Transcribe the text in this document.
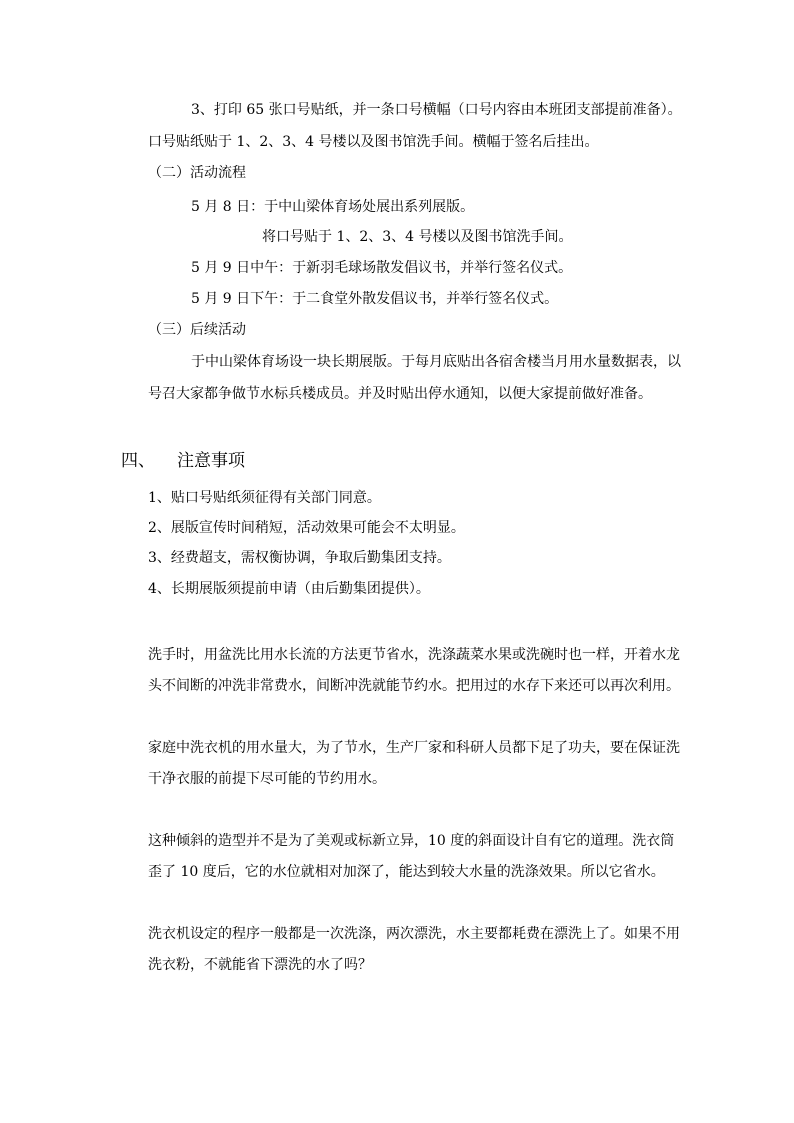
3、打印 65 张口号贴纸，并一条口号横幅（口号内容由本班团支部提前准备）。
口号贴纸贴于 1、2、3、4 号楼以及图书馆洗手间。横幅于签名后挂出。
（二）活动流程
5 月 8 日：于中山梁体育场处展出系列展版。
将口号贴于 1、2、3、4 号楼以及图书馆洗手间。
5 月 9 日中午：于新羽毛球场散发倡议书，并举行签名仪式。
5 月 9 日下午：于二食堂外散发倡议书，并举行签名仪式。
（三）后续活动
于中山梁体育场设一块长期展版。于每月底贴出各宿舍楼当月用水量数据表，以
号召大家都争做节水标兵楼成员。并及时贴出停水通知，以便大家提前做好准备。
四、 注意事项
1、贴口号贴纸须征得有关部门同意。
2、展版宣传时间稍短，活动效果可能会不太明显。
3、经费超支，需权衡协调，争取后勤集团支持。
4、长期展版须提前申请（由后勤集团提供）。
洗手时，用盆洗比用水长流的方法更节省水，洗涤蔬菜水果或洗碗时也一样，开着水龙
头不间断的冲洗非常费水，间断冲洗就能节约水。把用过的水存下来还可以再次利用。
家庭中洗衣机的用水量大，为了节水，生产厂家和科研人员都下足了功夫，要在保证洗
干净衣服的前提下尽可能的节约用水。
这种倾斜的造型并不是为了美观或标新立异，10 度的斜面设计自有它的道理。洗衣筒
歪了 10 度后，它的水位就相对加深了，能达到较大水量的洗涤效果。所以它省水。
洗衣机设定的程序一般都是一次洗涤，两次漂洗，水主要都耗费在漂洗上了。如果不用
洗衣粉，不就能省下漂洗的水了吗？
